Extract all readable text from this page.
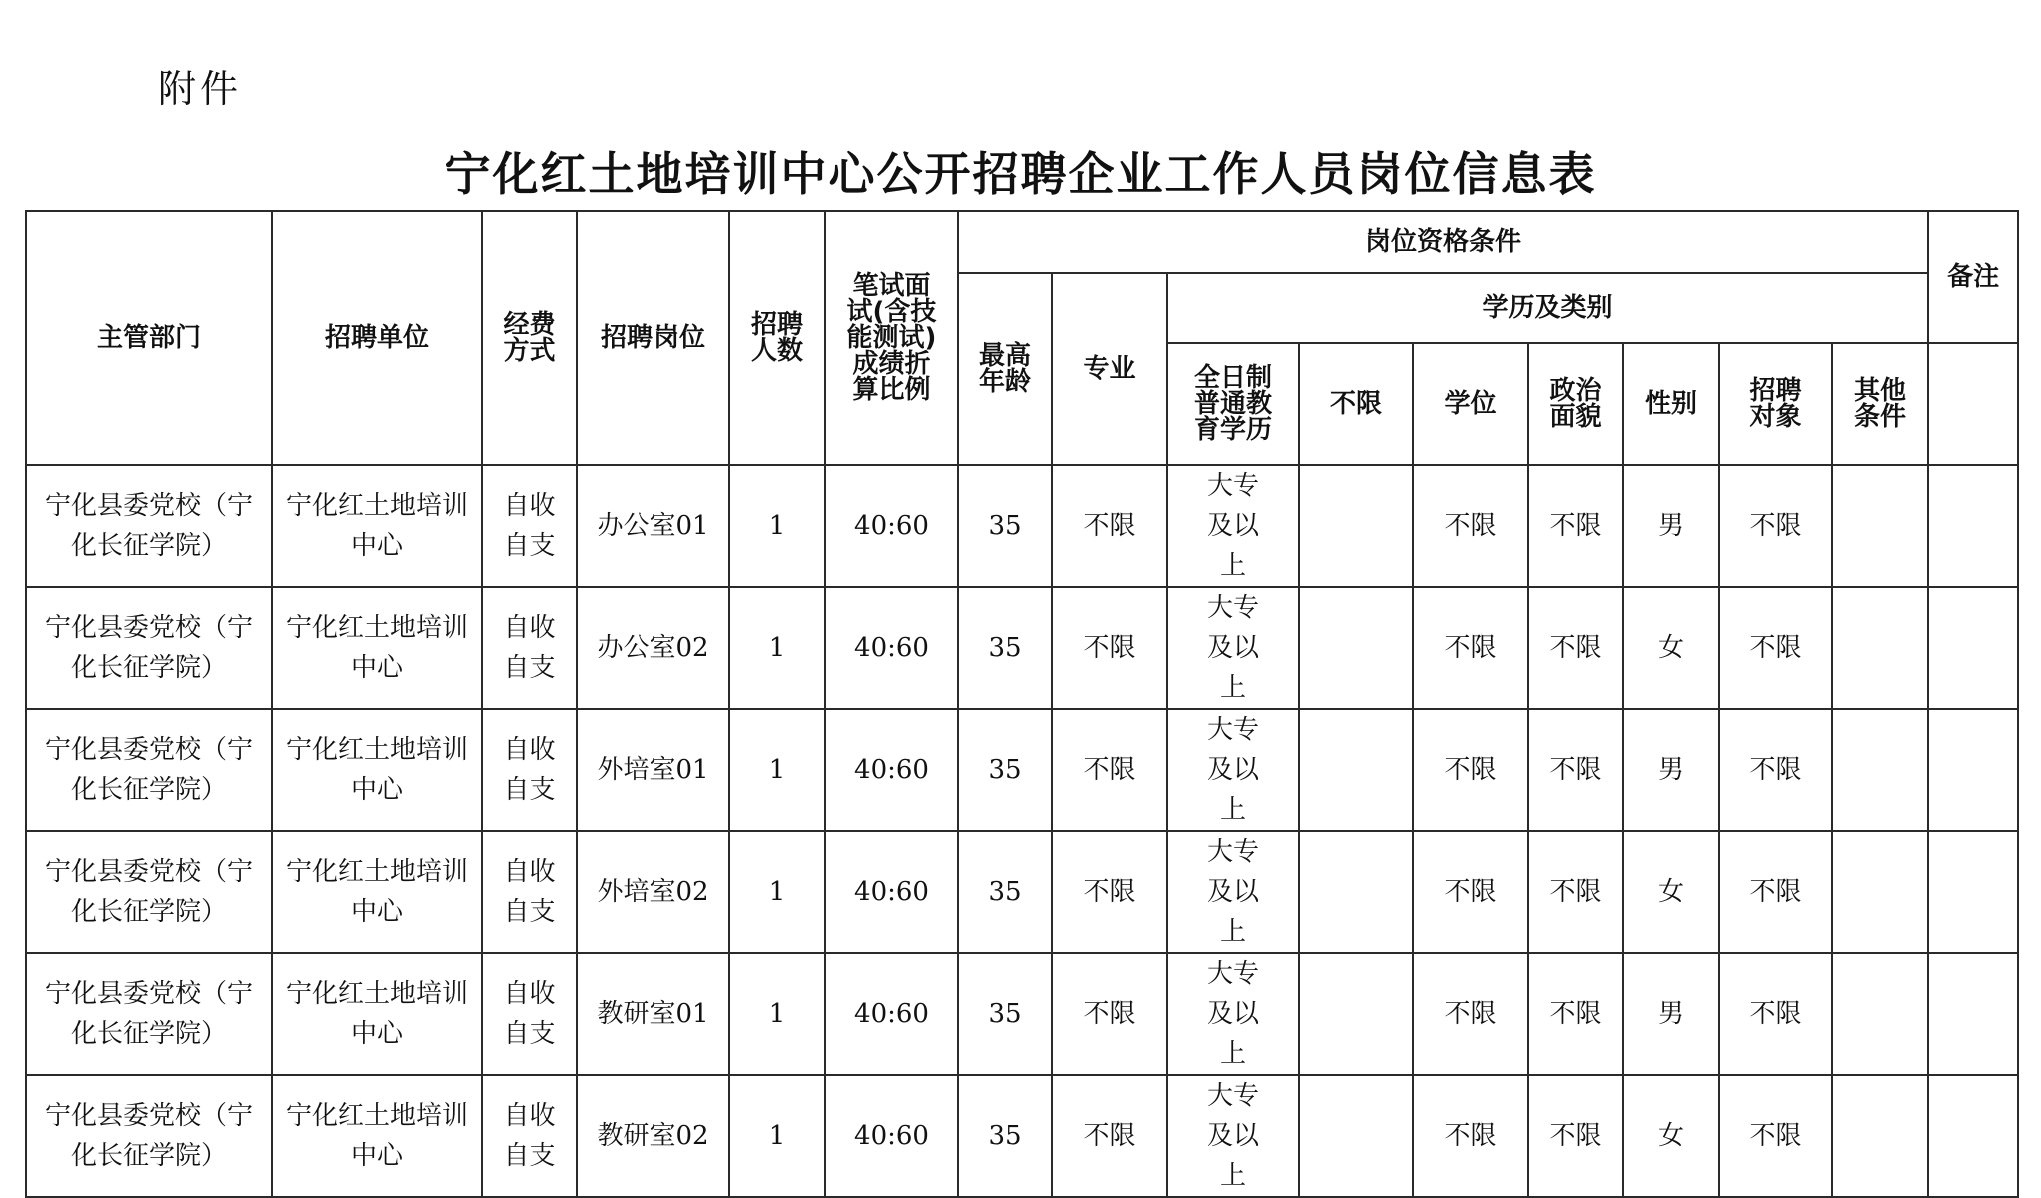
附件
宁化红土地培训中心公开招聘企业工作人员岗位信息表
主管部门	招聘单位	经费方式	招聘岗位	招聘人数	笔试面试(含技能测试)成绩折算比例	岗位资格条件									备注
						最高年龄	专业	学历及类别							
								全日制普通教育学历	不限	学位	政治面貌	性别	招聘对象	其他条件	
宁化县委党校（宁化长征学院）	宁化红土地培训中心	自收自支	办公室01	1	40:60	35	不限	大专及以上		不限	不限	男	不限		
宁化县委党校（宁化长征学院）	宁化红土地培训中心	自收自支	办公室02	1	40:60	35	不限	大专及以上		不限	不限	女	不限		
宁化县委党校（宁化长征学院）	宁化红土地培训中心	自收自支	外培室01	1	40:60	35	不限	大专及以上		不限	不限	男	不限		
宁化县委党校（宁化长征学院）	宁化红土地培训中心	自收自支	外培室02	1	40:60	35	不限	大专及以上		不限	不限	女	不限		
宁化县委党校（宁化长征学院）	宁化红土地培训中心	自收自支	教研室01	1	40:60	35	不限	大专及以上		不限	不限	男	不限		
宁化县委党校（宁化长征学院）	宁化红土地培训中心	自收自支	教研室02	1	40:60	35	不限	大专及以上		不限	不限	女	不限		
